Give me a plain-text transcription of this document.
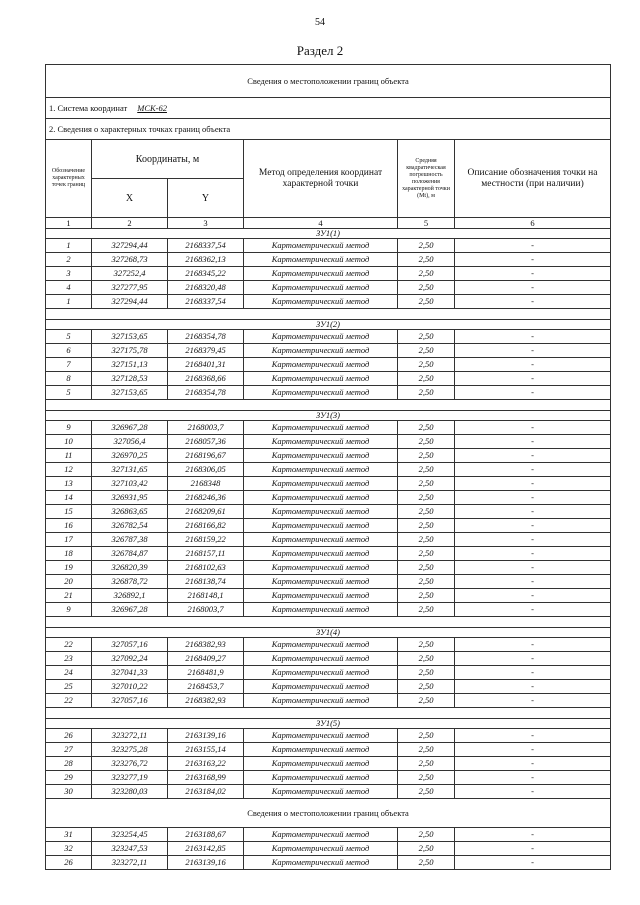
54
Раздел 2
Сведения о местоположении границ объекта					
1. Система координат МСК-62					
2. Сведения о характерных точках границ объекта					
Обозначение характерных точек границ	Координаты, м		Метод определения координат характерной точки	Средняя квадратическая погрешность положения характерной точки (Mt), м	Описание обозначения точки на местности (при наличии)
	X	Y			
1	2	3	4	5	6
ЗУ1(1)					
1	327294,44	2168337,54	Картометрический метод	2,50	-
2	327268,73	2168362,13	Картометрический метод	2,50	-
3	327252,4	2168345,22	Картометрический метод	2,50	-
4	327277,95	2168320,48	Картометрический метод	2,50	-
1	327294,44	2168337,54	Картометрический метод	2,50	-

ЗУ1(2)					
5	327153,65	2168354,78	Картометрический метод	2,50	-
6	327175,78	2168379,45	Картометрический метод	2,50	-
7	327151,13	2168401,31	Картометрический метод	2,50	-
8	327128,53	2168368,66	Картометрический метод	2,50	-
5	327153,65	2168354,78	Картометрический метод	2,50	-

ЗУ1(3)					
9	326967,28	2168003,7	Картометрический метод	2,50	-
10	327056,4	2168057,36	Картометрический метод	2,50	-
11	326970,25	2168196,67	Картометрический метод	2,50	-
12	327131,65	2168306,05	Картометрический метод	2,50	-
13	327103,42	2168348	Картометрический метод	2,50	-
14	326931,95	2168246,36	Картометрический метод	2,50	-
15	326863,65	2168209,61	Картометрический метод	2,50	-
16	326782,54	2168166,82	Картометрический метод	2,50	-
17	326787,38	2168159,22	Картометрический метод	2,50	-
18	326784,87	2168157,11	Картометрический метод	2,50	-
19	326820,39	2168102,63	Картометрический метод	2,50	-
20	326878,72	2168138,74	Картометрический метод	2,50	-
21	326892,1	2168148,1	Картометрический метод	2,50	-
9	326967,28	2168003,7	Картометрический метод	2,50	-

ЗУ1(4)					
22	327057,16	2168382,93	Картометрический метод	2,50	-
23	327092,24	2168409,27	Картометрический метод	2,50	-
24	327041,33	2168481,9	Картометрический метод	2,50	-
25	327010,22	2168453,7	Картометрический метод	2,50	-
22	327057,16	2168382,93	Картометрический метод	2,50	-

ЗУ1(5)					
26	323272,11	2163139,16	Картометрический метод	2,50	-
27	323275,28	2163155,14	Картометрический метод	2,50	-
28	323276,72	2163163,22	Картометрический метод	2,50	-
29	323277,19	2163168,99	Картометрический метод	2,50	-
30	323280,03	2163184,02	Картометрический метод	2,50	-
Сведения о местоположении границ объекта					
31	323254,45	2163188,67	Картометрический метод	2,50	-
32	323247,53	2163142,85	Картометрический метод	2,50	-
26	323272,11	2163139,16	Картометрический метод	2,50	-
